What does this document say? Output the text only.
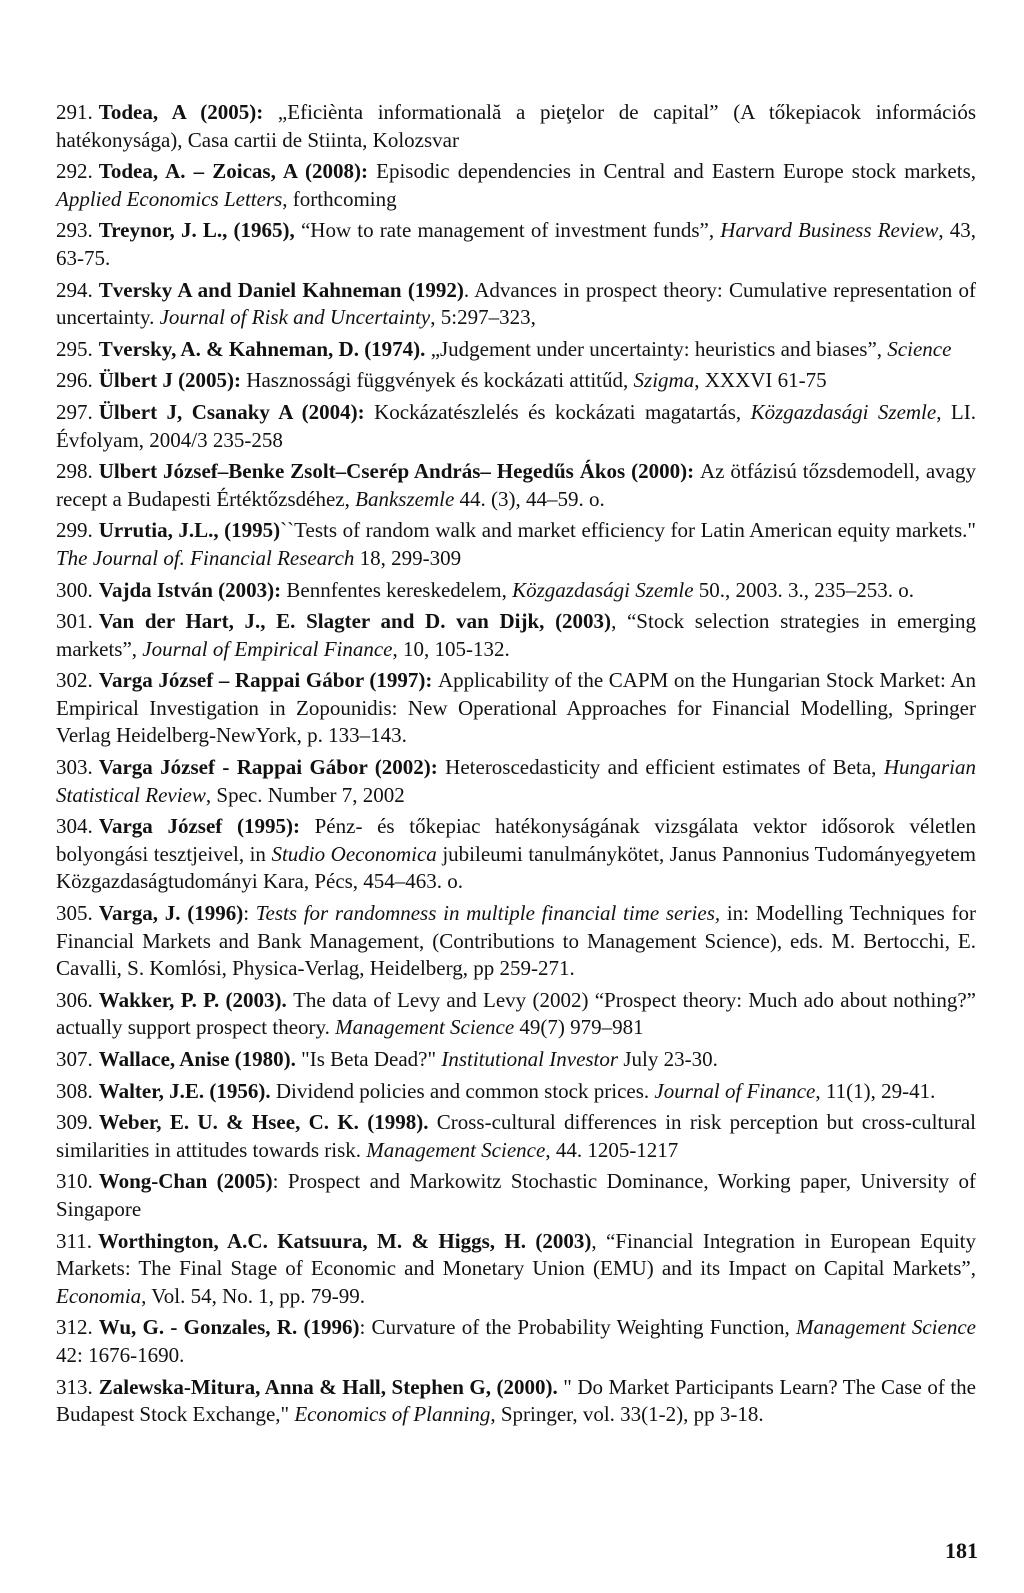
291. Todea, A (2005): „Eficiènta informatională a pieţelor de capital” (A tőkepiacok információs hatékonysága), Casa cartii de Stiinta, Kolozsvar

292. Todea, A. – Zoicas, A (2008): Episodic dependencies in Central and Eastern Europe stock markets, Applied Economics Letters, forthcoming

293. Treynor, J. L., (1965), “How to rate management of investment funds”, Harvard Business Review, 43, 63-75.

294. Tversky A and Daniel Kahneman (1992). Advances in prospect theory: Cumulative representation of uncertainty. Journal of Risk and Uncertainty, 5:297–323,

295. Tversky, A. & Kahneman, D. (1974). „Judgement under uncertainty: heuristics and biases”, Science

296. Ülbert J (2005): Hasznossági függvények és kockázati attitűd, Szigma, XXXVI 61-75

297. Ülbert J, Csanaky A (2004): Kockázatészlelés és kockázati magatartás, Közgazdasági Szemle, LI. Évfolyam, 2004/3 235-258

298. Ulbert József–Benke Zsolt–Cserép András– Hegedűs Ákos (2000): Az ötfázisú tőzsdemodell, avagy recept a Budapesti Értéktőzsdéhez, Bankszemle 44. (3), 44–59. o.

299. Urrutia, J.L., (1995)``Tests of random walk and market efficiency for Latin American equity markets." The Journal of. Financial Research 18, 299-309

300. Vajda István (2003): Bennfentes kereskedelem, Közgazdasági Szemle 50., 2003. 3., 235–253. o.

301. Van der Hart, J., E. Slagter and D. van Dijk, (2003), “Stock selection strategies in emerging markets”, Journal of Empirical Finance, 10, 105-132.

302. Varga József – Rappai Gábor (1997): Applicability of the CAPM on the Hungarian Stock Market: An Empirical Investigation in Zopounidis: New Operational Approaches for Financial Modelling, Springer Verlag Heidelberg-NewYork, p. 133–143.

303. Varga József - Rappai Gábor (2002): Heteroscedasticity and efficient estimates of Beta, Hungarian Statistical Review, Spec. Number 7, 2002

304. Varga József (1995): Pénz- és tőkepiac hatékonyságának vizsgálata vektor idősorok véletlen bolyongási tesztjeivel, in Studio Oeconomica jubileumi tanulmánykötet, Janus Pannonius Tudományegyetem Közgazdaságtudományi Kara, Pécs, 454–463. o.

305. Varga, J. (1996): Tests for randomness in multiple financial time series, in: Modelling Techniques for Financial Markets and Bank Management, (Contributions to Management Science), eds. M. Bertocchi, E. Cavalli, S. Komlósi, Physica-Verlag, Heidelberg, pp 259-271.

306. Wakker, P. P. (2003). The data of Levy and Levy (2002) “Prospect theory: Much ado about nothing?” actually support prospect theory. Management Science 49(7) 979–981

307. Wallace, Anise (1980). "Is Beta Dead?" Institutional Investor July 23-30.

308. Walter, J.E. (1956). Dividend policies and common stock prices. Journal of Finance, 11(1), 29-41.

309. Weber, E. U. & Hsee, C. K. (1998). Cross-cultural differences in risk perception but cross-cultural similarities in attitudes towards risk. Management Science, 44. 1205-1217

310. Wong-Chan (2005): Prospect and Markowitz Stochastic Dominance, Working paper, University of Singapore

311. Worthington, A.C. Katsuura, M. & Higgs, H. (2003), “Financial Integration in European Equity Markets: The Final Stage of Economic and Monetary Union (EMU) and its Impact on Capital Markets”, Economia, Vol. 54, No. 1, pp. 79-99.

312. Wu, G. - Gonzales, R. (1996): Curvature of the Probability Weighting Function, Management Science 42: 1676-1690.

313. Zalewska-Mitura, Anna & Hall, Stephen G, (2000). " Do Market Participants Learn? The Case of the Budapest Stock Exchange," Economics of Planning, Springer, vol. 33(1-2), pp 3-18.

181
